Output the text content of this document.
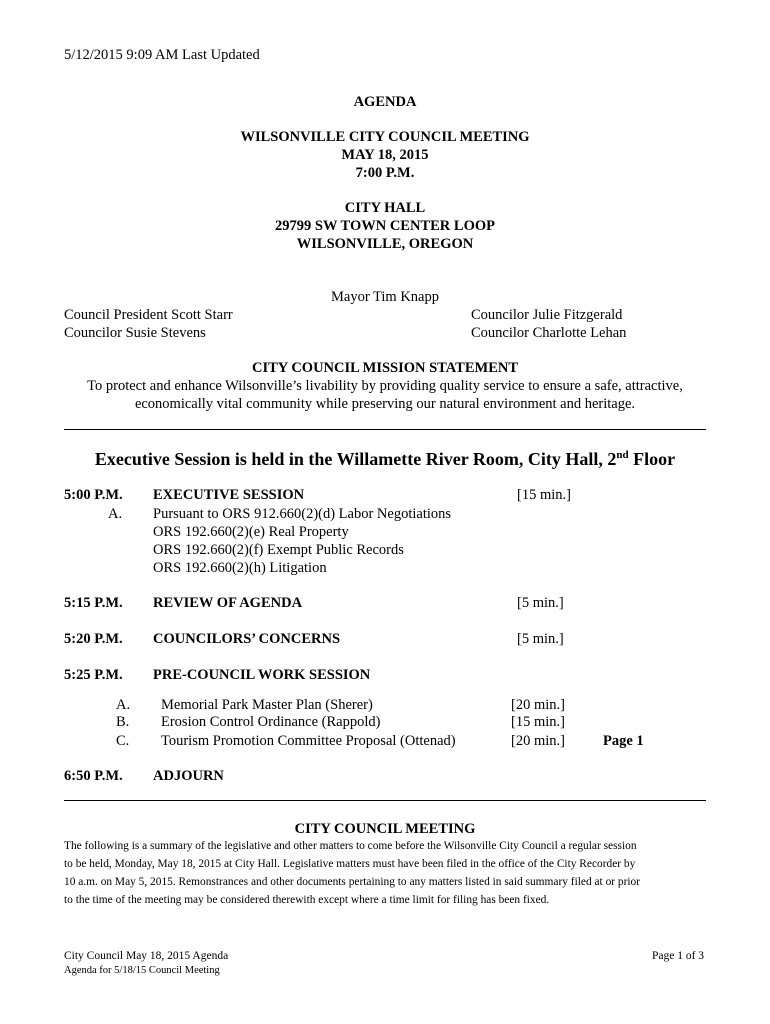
5/12/2015 9:09 AM Last Updated
AGENDA
WILSONVILLE CITY COUNCIL MEETING
MAY 18, 2015
7:00 P.M.
CITY HALL
29799 SW TOWN CENTER LOOP
WILSONVILLE, OREGON
Mayor Tim Knapp
Council President Scott Starr
Councilor Susie Stevens
Councilor Julie Fitzgerald
Councilor Charlotte Lehan
CITY COUNCIL MISSION STATEMENT
To protect and enhance Wilsonville’s livability by providing quality service to ensure a safe, attractive,
economically vital community while preserving our natural environment and heritage.
Executive Session is held in the Willamette River Room, City Hall, 2nd Floor
5:00 P.M. EXECUTIVE SESSION	[15 min.]
A. Pursuant to ORS 912.660(2)(d) Labor Negotiations
ORS 192.660(2)(e) Real Property
ORS 192.660(2)(f) Exempt Public Records
ORS 192.660(2)(h) Litigation
5:15 P.M. REVIEW OF AGENDA	[5 min.]
5:20 P.M. COUNCILORS’ CONCERNS	[5 min.]
5:25 P.M. PRE-COUNCIL WORK SESSION
A. Memorial Park Master Plan (Sherer)	[20 min.]
B. Erosion Control Ordinance (Rappold)	[15 min.]
C. Tourism Promotion Committee Proposal (Ottenad)	[20 min.]	Page 1
6:50 P.M. ADJOURN
CITY COUNCIL MEETING
The following is a summary of the legislative and other matters to come before the Wilsonville City Council a regular session
to be held, Monday, May 18, 2015 at City Hall. Legislative matters must have been filed in the office of the City Recorder by
10 a.m. on May 5, 2015. Remonstrances and other documents pertaining to any matters listed in said summary filed at or prior
to the time of the meeting may be considered therewith except where a time limit for filing has been fixed.
City Council May 18, 2015 Agenda
Agenda for 5/18/15 Council Meeting
Page 1 of 3
